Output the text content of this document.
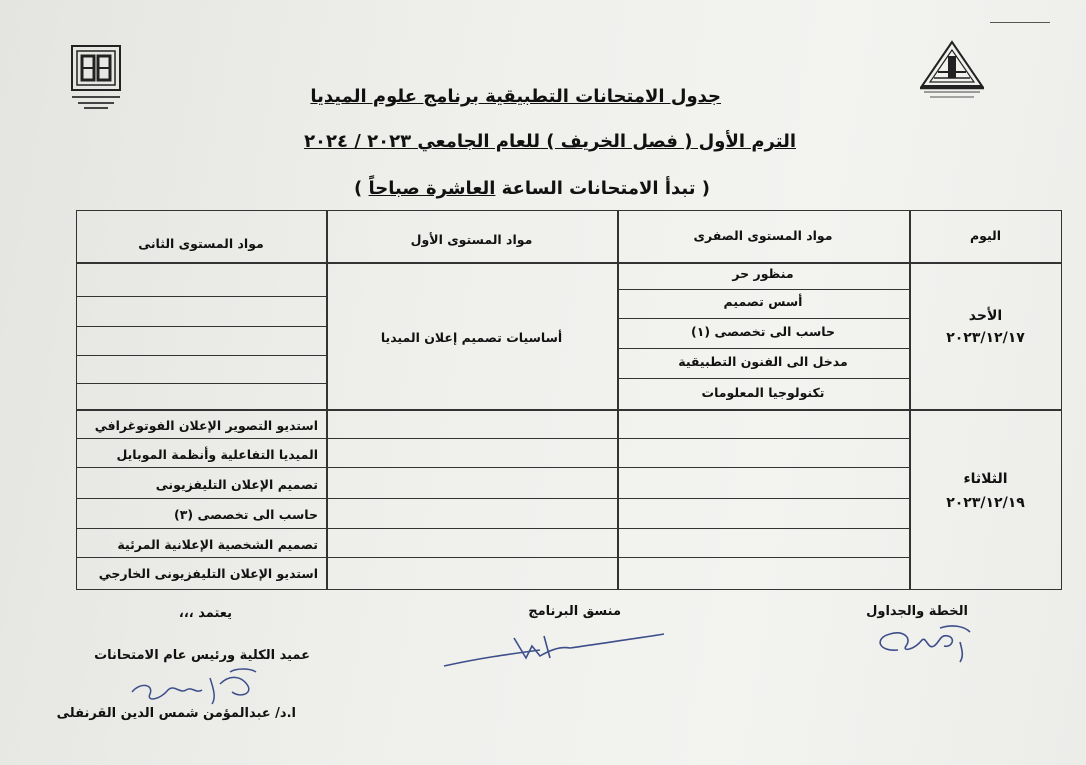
جدول الامتحانات التطبيقية برنامج علوم الميديا
الترم الأول ( فصل الخريف ) للعام الجامعي ٢٠٢٣ / ٢٠٢٤
( تبدأ الامتحانات الساعة العاشرة صباحاً )
اليوم
مواد المستوى الصفرى
مواد المستوى الأول
مواد المستوى الثانى
الأحد
٢٠٢٣/١٢/١٧
منظور حر
أسس تصميم
حاسب الى تخصصى (١)
مدخل الى الفنون التطبيقية
تكنولوجيا المعلومات
أساسيات تصميم إعلان الميديا
الثلاثاء
٢٠٢٣/١٢/١٩
استديو التصوير الإعلان الفوتوغرافي
الميديا التفاعلية وأنظمة الموبايل
تصميم الإعلان التليفزيونى
حاسب الى تخصصى (٣)
تصميم الشخصية الإعلانية المرئية
استديو الإعلان التليفزيونى الخارجي
الخطة والجداول
منسق البرنامج
يعتمد ،،،
عميد الكلية ورئيس عام الامتحانات
ا.د/ عبدالمؤمن شمس الدين القرنفلى
